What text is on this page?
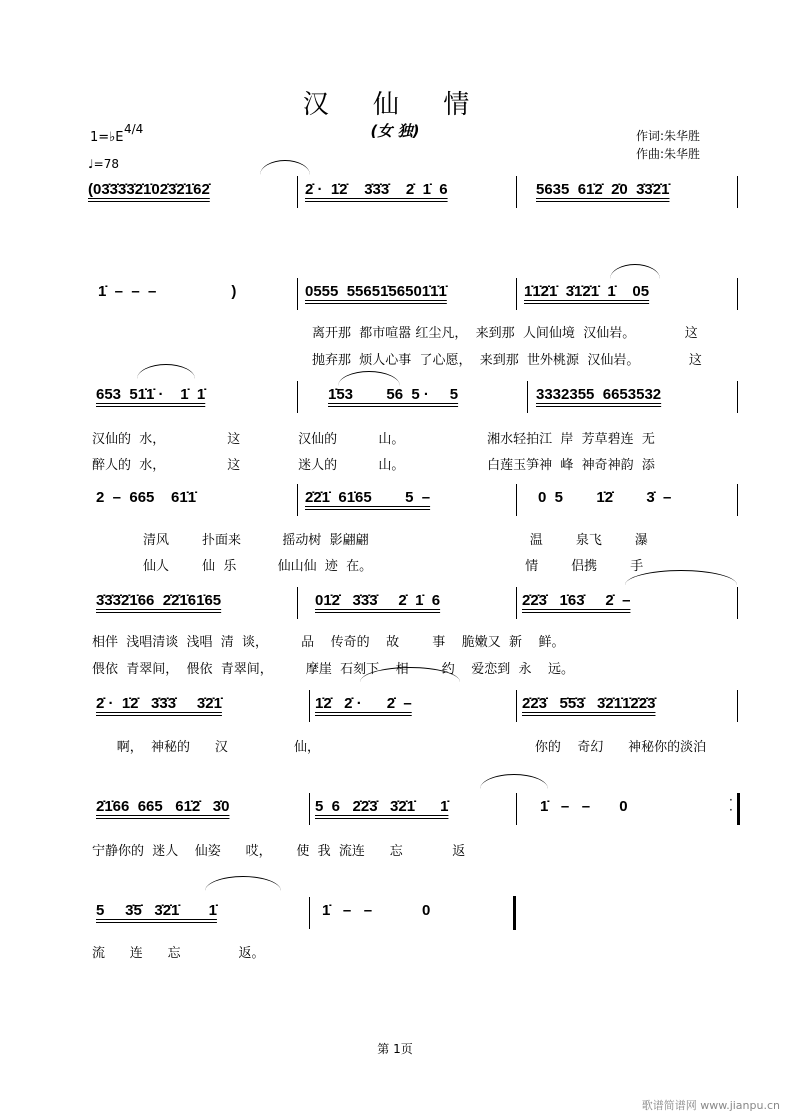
汉 仙 情
(女 独)
1=♭E
4/4
♩=78
作词:朱华胜
作曲:朱华胜
(03̇3̇3̇3̇2̇1̇02̇3̇2̇1̇62̇	2̇ ·  1̇2̇    3̇3̇3̇    2̇  1̇  6	5635  61̇2̇  2̇0  3̇3̇2̇1̇
1̇  –  –  –                  )	0555  55651̇56501̇1̇1̇	1̇1̇2̇1̇  3̇1̇2̇1̇  1̇    05
离开那  都市喧嚣 红尘凡，  来到那  人间仙境  汉仙岩。            这
抛弃那  烦人心事  了心愿，  来到那  世外桃源  汉仙岩。            这
653  51̇1̇ ·    1̇  1̇	1̇53        56  5 ·     5	3332355  6653532
汉仙的  水，               这              汉仙的          山。                    湘水轻拍江  岸  芳草碧连  无
醉人的  水，               这              迷人的          山。                    白莲玉笋神  峰  神奇神韵  添
2  –  665    61̇1̇	2̇2̇1̇  61̇65        5  –	0  5        1̇2̇        3̇  –
清风        扑面来          摇动树  影翩翩                                       温        泉飞        瀑
仙人        仙  乐          仙山仙  迹  在。                                     情        侣携        手
3̇3̇3̇2̇1̇66  2̇2̇1̇61̇65	01̇2̇   3̇3̇3̇     2̇  1̇  6	2̇2̇3̇   1̇63̇     2̇  –
相伴  浅唱清谈  浅唱  清  谈，        品    传奇的    故        事    脆嫩又  新    鲜。
偎依  青翠间，  偎依  青翠间，        摩崖  石刻下    相        约    爱恋到  永    远。
2̇ ·  1̇2̇   3̇3̇3̇     3̇2̇1̇	1̇2̇   2̇ ·      2̇  –	2̇2̇3̇   5̇5̇3̇   3̇2̇1̇1̇2̇2̇3̇
啊，  神秘的      汉                仙，                                                    你的    奇幻      神秘你的淡泊
2̇1̇66  665   61̇2̇   3̇0	5  6   2̇2̇3̇   3̇2̇1̇      1̇	1̇   –   –       0	·
·
宁静你的  迷人    仙姿      哎，      使  我  流连      忘            返
5     3̇5̇   3̇2̇1̇       1̇	1̇   –   –            0
流      连      忘              返。
第 1页
歌谱简谱网 www.jianpu.cn
